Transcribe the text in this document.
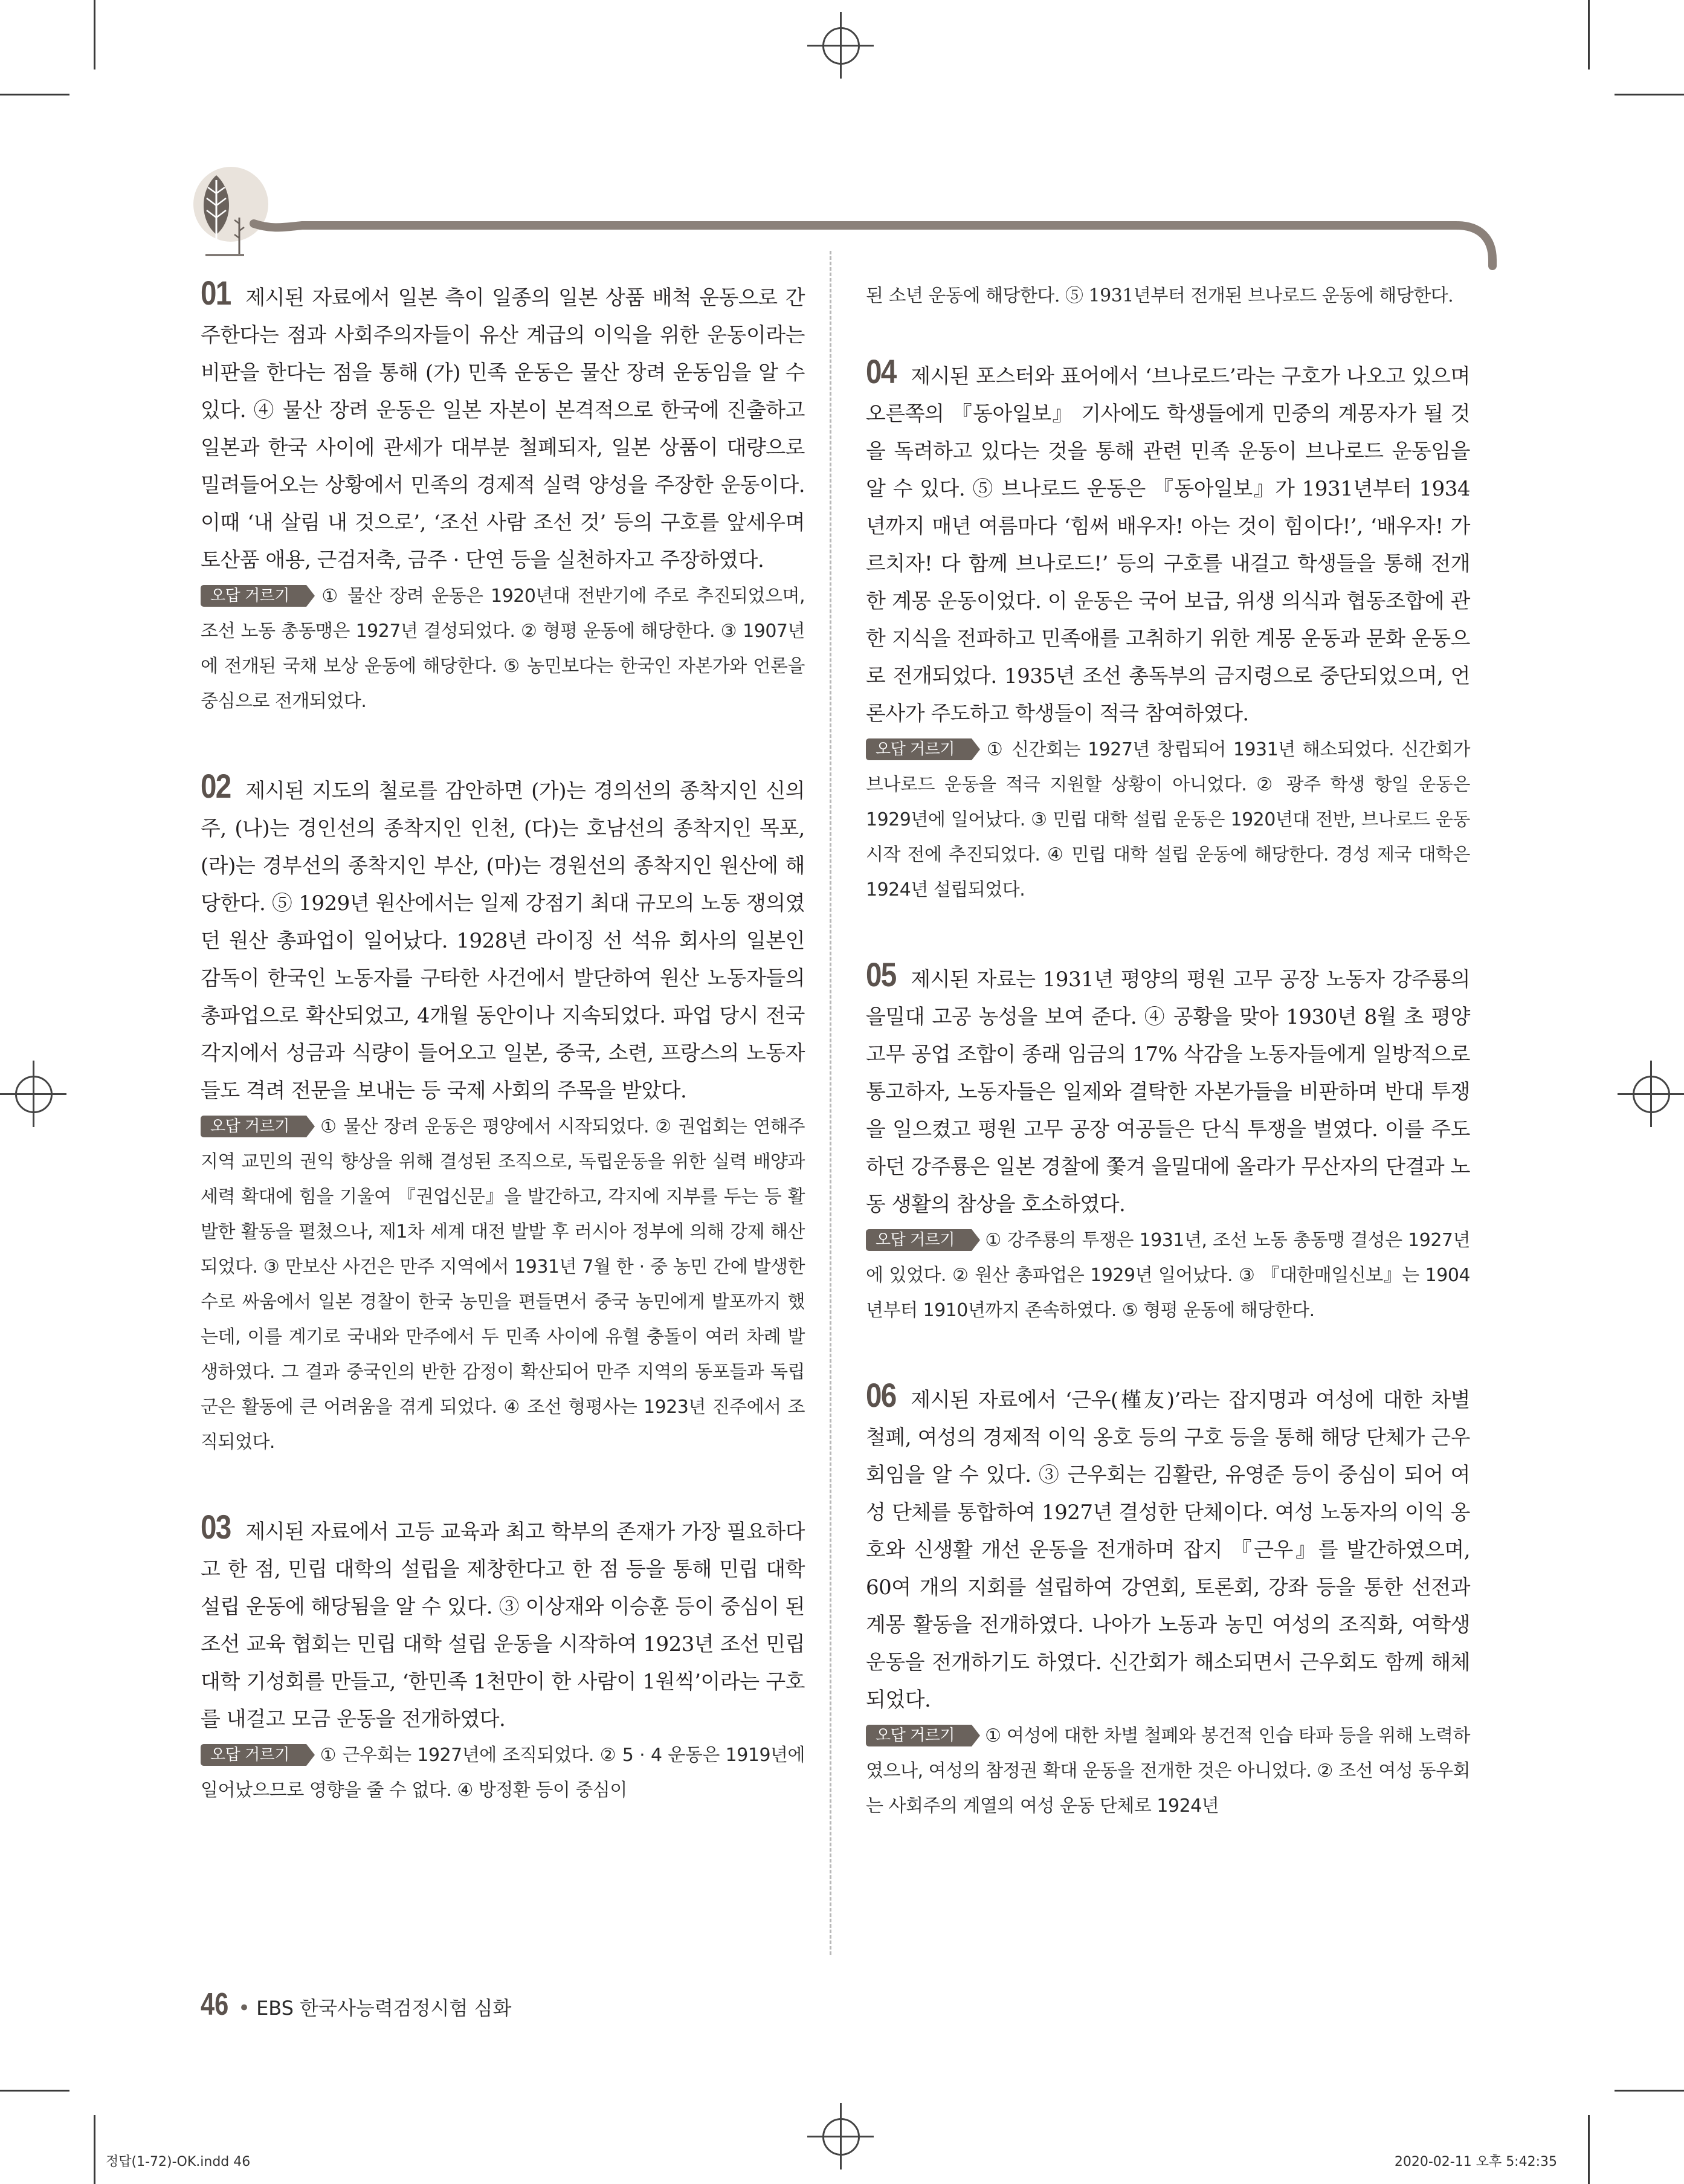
01 제시된 자료에서 일본 측이 일종의 일본 상품 배척 운동으로 간주한다는 점과 사회주의자들이 유산 계급의 이익을 위한 운동이라는 비판을 한다는 점을 통해 (가) 민족 운동은 물산 장려 운동임을 알 수 있다. ④ 물산 장려 운동은 일본 자본이 본격적으로 한국에 진출하고 일본과 한국 사이에 관세가 대부분 철폐되자, 일본 상품이 대량으로 밀려들어오는 상황에서 민족의 경제적 실력 양성을 주장한 운동이다. 이때 ‘내 살림 내 것으로’, ‘조선 사람 조선 것’ 등의 구호를 앞세우며 토산품 애용, 근검저축, 금주 · 단연 등을 실천하자고 주장하였다.

오답 거르기 ① 물산 장려 운동은 1920년대 전반기에 주로 추진되었으며, 조선 노동 총동맹은 1927년 결성되었다. ② 형평 운동에 해당한다. ③ 1907년에 전개된 국채 보상 운동에 해당한다. ⑤ 농민보다는 한국인 자본가와 언론을 중심으로 전개되었다.

02 제시된 지도의 철로를 감안하면 (가)는 경의선의 종착지인 신의주, (나)는 경인선의 종착지인 인천, (다)는 호남선의 종착지인 목포, (라)는 경부선의 종착지인 부산, (마)는 경원선의 종착지인 원산에 해당한다. ⑤ 1929년 원산에서는 일제 강점기 최대 규모의 노동 쟁의였던 원산 총파업이 일어났다. 1928년 라이징 선 석유 회사의 일본인 감독이 한국인 노동자를 구타한 사건에서 발단하여 원산 노동자들의 총파업으로 확산되었고, 4개월 동안이나 지속되었다. 파업 당시 전국 각지에서 성금과 식량이 들어오고 일본, 중국, 소련, 프랑스의 노동자들도 격려 전문을 보내는 등 국제 사회의 주목을 받았다.

오답 거르기 ① 물산 장려 운동은 평양에서 시작되었다. ② 권업회는 연해주 지역 교민의 권익 향상을 위해 결성된 조직으로, 독립운동을 위한 실력 배양과 세력 확대에 힘을 기울여 『권업신문』을 발간하고, 각지에 지부를 두는 등 활발한 활동을 펼쳤으나, 제1차 세계 대전 발발 후 러시아 정부에 의해 강제 해산되었다. ③ 만보산 사건은 만주 지역에서 1931년 7월 한 · 중 농민 간에 발생한 수로 싸움에서 일본 경찰이 한국 농민을 편들면서 중국 농민에게 발포까지 했는데, 이를 계기로 국내와 만주에서 두 민족 사이에 유혈 충돌이 여러 차례 발생하였다. 그 결과 중국인의 반한 감정이 확산되어 만주 지역의 동포들과 독립군은 활동에 큰 어려움을 겪게 되었다. ④ 조선 형평사는 1923년 진주에서 조직되었다.

03 제시된 자료에서 고등 교육과 최고 학부의 존재가 가장 필요하다고 한 점, 민립 대학의 설립을 제창한다고 한 점 등을 통해 민립 대학 설립 운동에 해당됨을 알 수 있다. ③ 이상재와 이승훈 등이 중심이 된 조선 교육 협회는 민립 대학 설립 운동을 시작하여 1923년 조선 민립 대학 기성회를 만들고, ‘한민족 1천만이 한 사람이 1원씩’이라는 구호를 내걸고 모금 운동을 전개하였다.

오답 거르기 ① 근우회는 1927년에 조직되었다. ② 5 · 4 운동은 1919년에 일어났으므로 영향을 줄 수 없다. ④ 방정환 등이 중심이

된 소년 운동에 해당한다. ⑤ 1931년부터 전개된 브나로드 운동에 해당한다.

04 제시된 포스터와 표어에서 ‘브나로드’라는 구호가 나오고 있으며 오른쪽의 『동아일보』 기사에도 학생들에게 민중의 계몽자가 될 것을 독려하고 있다는 것을 통해 관련 민족 운동이 브나로드 운동임을 알 수 있다. ⑤ 브나로드 운동은 『동아일보』가 1931년부터 1934년까지 매년 여름마다 ‘힘써 배우자! 아는 것이 힘이다!’, ‘배우자! 가르치자! 다 함께 브나로드!’ 등의 구호를 내걸고 학생들을 통해 전개한 계몽 운동이었다. 이 운동은 국어 보급, 위생 의식과 협동조합에 관한 지식을 전파하고 민족애를 고취하기 위한 계몽 운동과 문화 운동으로 전개되었다. 1935년 조선 총독부의 금지령으로 중단되었으며, 언론사가 주도하고 학생들이 적극 참여하였다.

오답 거르기 ① 신간회는 1927년 창립되어 1931년 해소되었다. 신간회가 브나로드 운동을 적극 지원할 상황이 아니었다. ② 광주 학생 항일 운동은 1929년에 일어났다. ③ 민립 대학 설립 운동은 1920년대 전반, 브나로드 운동 시작 전에 추진되었다. ④ 민립 대학 설립 운동에 해당한다. 경성 제국 대학은 1924년 설립되었다.

05 제시된 자료는 1931년 평양의 평원 고무 공장 노동자 강주룡의 을밀대 고공 농성을 보여 준다. ④ 공황을 맞아 1930년 8월 초 평양 고무 공업 조합이 종래 임금의 17% 삭감을 노동자들에게 일방적으로 통고하자, 노동자들은 일제와 결탁한 자본가들을 비판하며 반대 투쟁을 일으켰고 평원 고무 공장 여공들은 단식 투쟁을 벌였다. 이를 주도하던 강주룡은 일본 경찰에 쫓겨 을밀대에 올라가 무산자의 단결과 노동 생활의 참상을 호소하였다.

오답 거르기 ① 강주룡의 투쟁은 1931년, 조선 노동 총동맹 결성은 1927년에 있었다. ② 원산 총파업은 1929년 일어났다. ③ 『대한매일신보』는 1904년부터 1910년까지 존속하였다. ⑤ 형평 운동에 해당한다.

06 제시된 자료에서 ‘근우(槿友)’라는 잡지명과 여성에 대한 차별 철폐, 여성의 경제적 이익 옹호 등의 구호 등을 통해 해당 단체가 근우회임을 알 수 있다. ③ 근우회는 김활란, 유영준 등이 중심이 되어 여성 단체를 통합하여 1927년 결성한 단체이다. 여성 노동자의 이익 옹호와 신생활 개선 운동을 전개하며 잡지 『근우』를 발간하였으며, 60여 개의 지회를 설립하여 강연회, 토론회, 강좌 등을 통한 선전과 계몽 활동을 전개하였다. 나아가 노동과 농민 여성의 조직화, 여학생 운동을 전개하기도 하였다. 신간회가 해소되면서 근우회도 함께 해체되었다.

오답 거르기 ① 여성에 대한 차별 철폐와 봉건적 인습 타파 등을 위해 노력하였으나, 여성의 참정권 확대 운동을 전개한 것은 아니었다. ② 조선 여성 동우회는 사회주의 계열의 여성 운동 단체로 1924년

46 • EBS 한국사능력검정시험 심화
정답(1-72)-OK.indd 46	2020-02-11 오후 5:42:35
